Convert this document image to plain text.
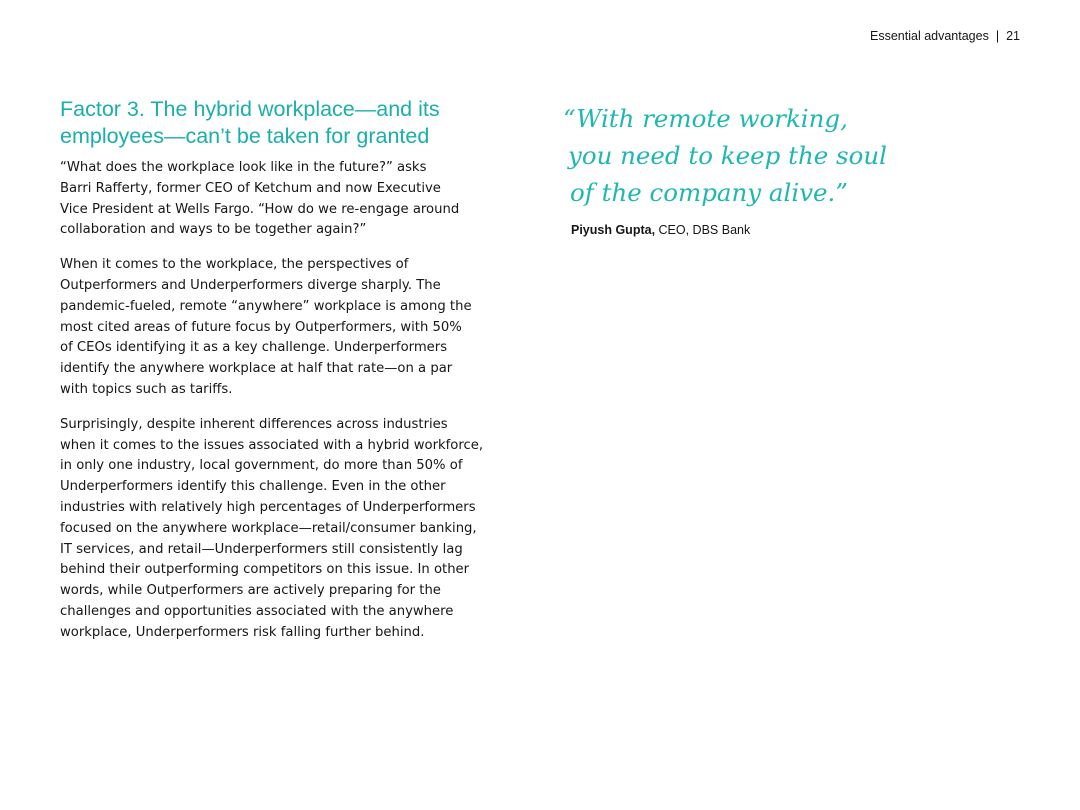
Essential advantages | 21
Factor 3. The hybrid workplace—and its
employees—can’t be taken for granted

“What does the workplace look like in the future?” asks
Barri Rafferty, former CEO of Ketchum and now Executive
Vice President at Wells Fargo. “How do we re-engage around
collaboration and ways to be together again?”

When it comes to the workplace, the perspectives of
Outperformers and Underperformers diverge sharply. The
pandemic-fueled, remote “anywhere” workplace is among the
most cited areas of future focus by Outperformers, with 50%
of CEOs identifying it as a key challenge. Underperformers
identify the anywhere workplace at half that rate—on a par
with topics such as tariffs.

Surprisingly, despite inherent differences across industries
when it comes to the issues associated with a hybrid workforce,
in only one industry, local government, do more than 50% of
Underperformers identify this challenge. Even in the other
industries with relatively high percentages of Underperformers
focused on the anywhere workplace—retail/consumer banking,
IT services, and retail—Underperformers still consistently lag
behind their outperforming competitors on this issue. In other
words, while Outperformers are actively preparing for the
challenges and opportunities associated with the anywhere
workplace, Underperformers risk falling further behind.

“With remote working,
you need to keep the soul
of the company alive.”
Piyush Gupta, CEO, DBS Bank
